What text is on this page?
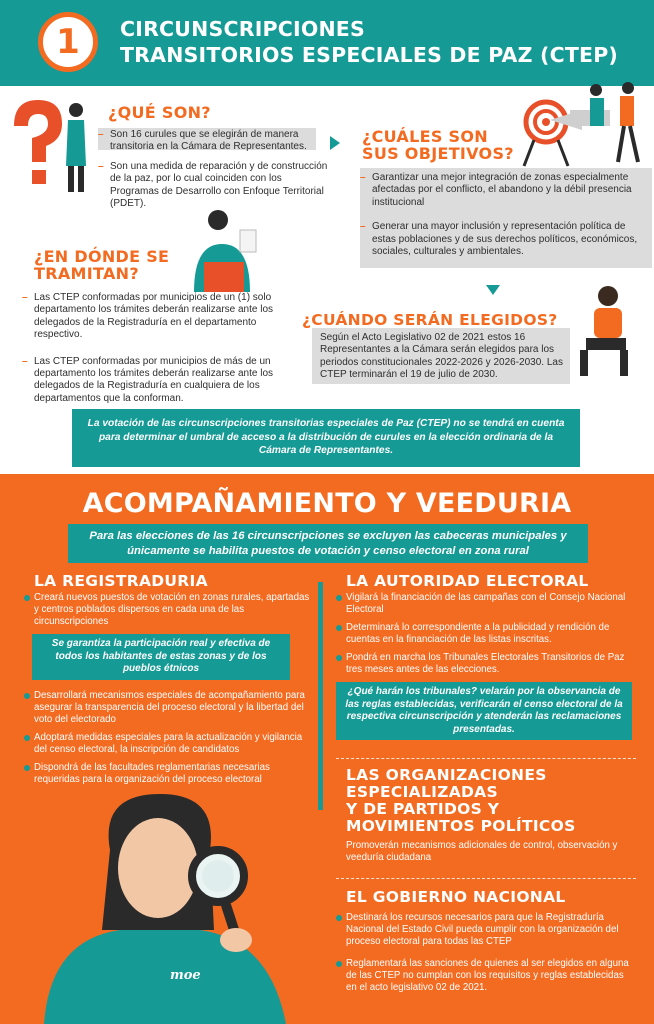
1	CIRCUNSCRIPCIONES
TRANSITORIOS ESPECIALES DE PAZ (CTEP)
¿QUÉ SON?
– Son 16 curules que se elegirán de manera transitoria en la Cámara de Representantes.
– Son una medida de reparación y de construcción de la paz, por lo cual coinciden con los Programas de Desarrollo con Enfoque Territorial (PDET).
¿CUÁLES SON
SUS OBJETIVOS?
– Garantizar una mejor integración de zonas especialmente afectadas por el conflicto, el abandono y la débil presencia institucional
– Generar una mayor inclusión y representación política de estas poblaciones y de sus derechos políticos, económicos, sociales, culturales y ambientales.
¿EN DÓNDE SE
TRAMITAN?
– Las CTEP conformadas por municipios de un (1) solo departamento los trámites deberán realizarse ante los delegados de la Registraduría en el departamento respectivo.
– Las CTEP conformadas por municipios de más de un departamento los trámites deberán realizarse ante los delegados de la Registraduría en cualquiera de los departamentos que la conforman.
¿CUÁNDO SERÁN ELEGIDOS?
Según el Acto Legislativo 02 de 2021 estos 16 Representantes a la Cámara serán elegidos para los periodos constitucionales 2022-2026 y 2026-2030. Las CTEP terminarán el 19 de julio de 2030.
La votación de las circunscripciones transitorias especiales de Paz (CTEP) no se tendrá en cuenta para determinar el umbral de acceso a la distribución de curules en la elección ordinaria de la Cámara de Representantes.
ACOMPAÑAMIENTO Y VEEDURIA
Para las elecciones de las 16 circunscripciones se excluyen las cabeceras municipales y únicamente se habilita puestos de votación y censo electoral en zona rural
LA REGISTRADURIA
Creará nuevos puestos de votación en zonas rurales, apartadas y centros poblados dispersos en cada una de las circunscripciones
Se garantiza la participación real y efectiva de todos los habitantes de estas zonas y de los pueblos étnicos
Desarrollará mecanismos especiales de acompañamiento para asegurar la transparencia del proceso electoral y la libertad del voto del electorado
Adoptará medidas especiales para la actualización y vigilancia del censo electoral, la inscripción de candidatos
Dispondrá de las facultades reglamentarias necesarias requeridas para la organización del proceso electoral
LA AUTORIDAD ELECTORAL
Vigilará la financiación de las campañas con el Consejo Nacional Electoral
Determinará lo correspondiente a la publicidad y rendición de cuentas en la financiación de las listas inscritas.
Pondrá en marcha los Tribunales Electorales Transitorios de Paz tres meses antes de las elecciones.
¿Qué harán los tribunales? velarán por la observancia de las reglas establecidas, verificarán el censo electoral de la respectiva circunscripción y atenderán las reclamaciones presentadas.
LAS ORGANIZACIONES
ESPECIALIZADAS
Y DE PARTIDOS Y
MOVIMIENTOS POLÍTICOS
Promoverán mecanismos adicionales de control, observación y veeduría ciudadana
EL GOBIERNO NACIONAL
Destinará los recursos necesarios para que la Registraduría Nacional del Estado Civil pueda cumplir con la organización del proceso electoral para todas las CTEP
Reglamentará las sanciones de quienes al ser elegidos en alguna de las CTEP no cumplan con los requisitos y reglas establecidas en el acto legislativo 02 de 2021.
moe
